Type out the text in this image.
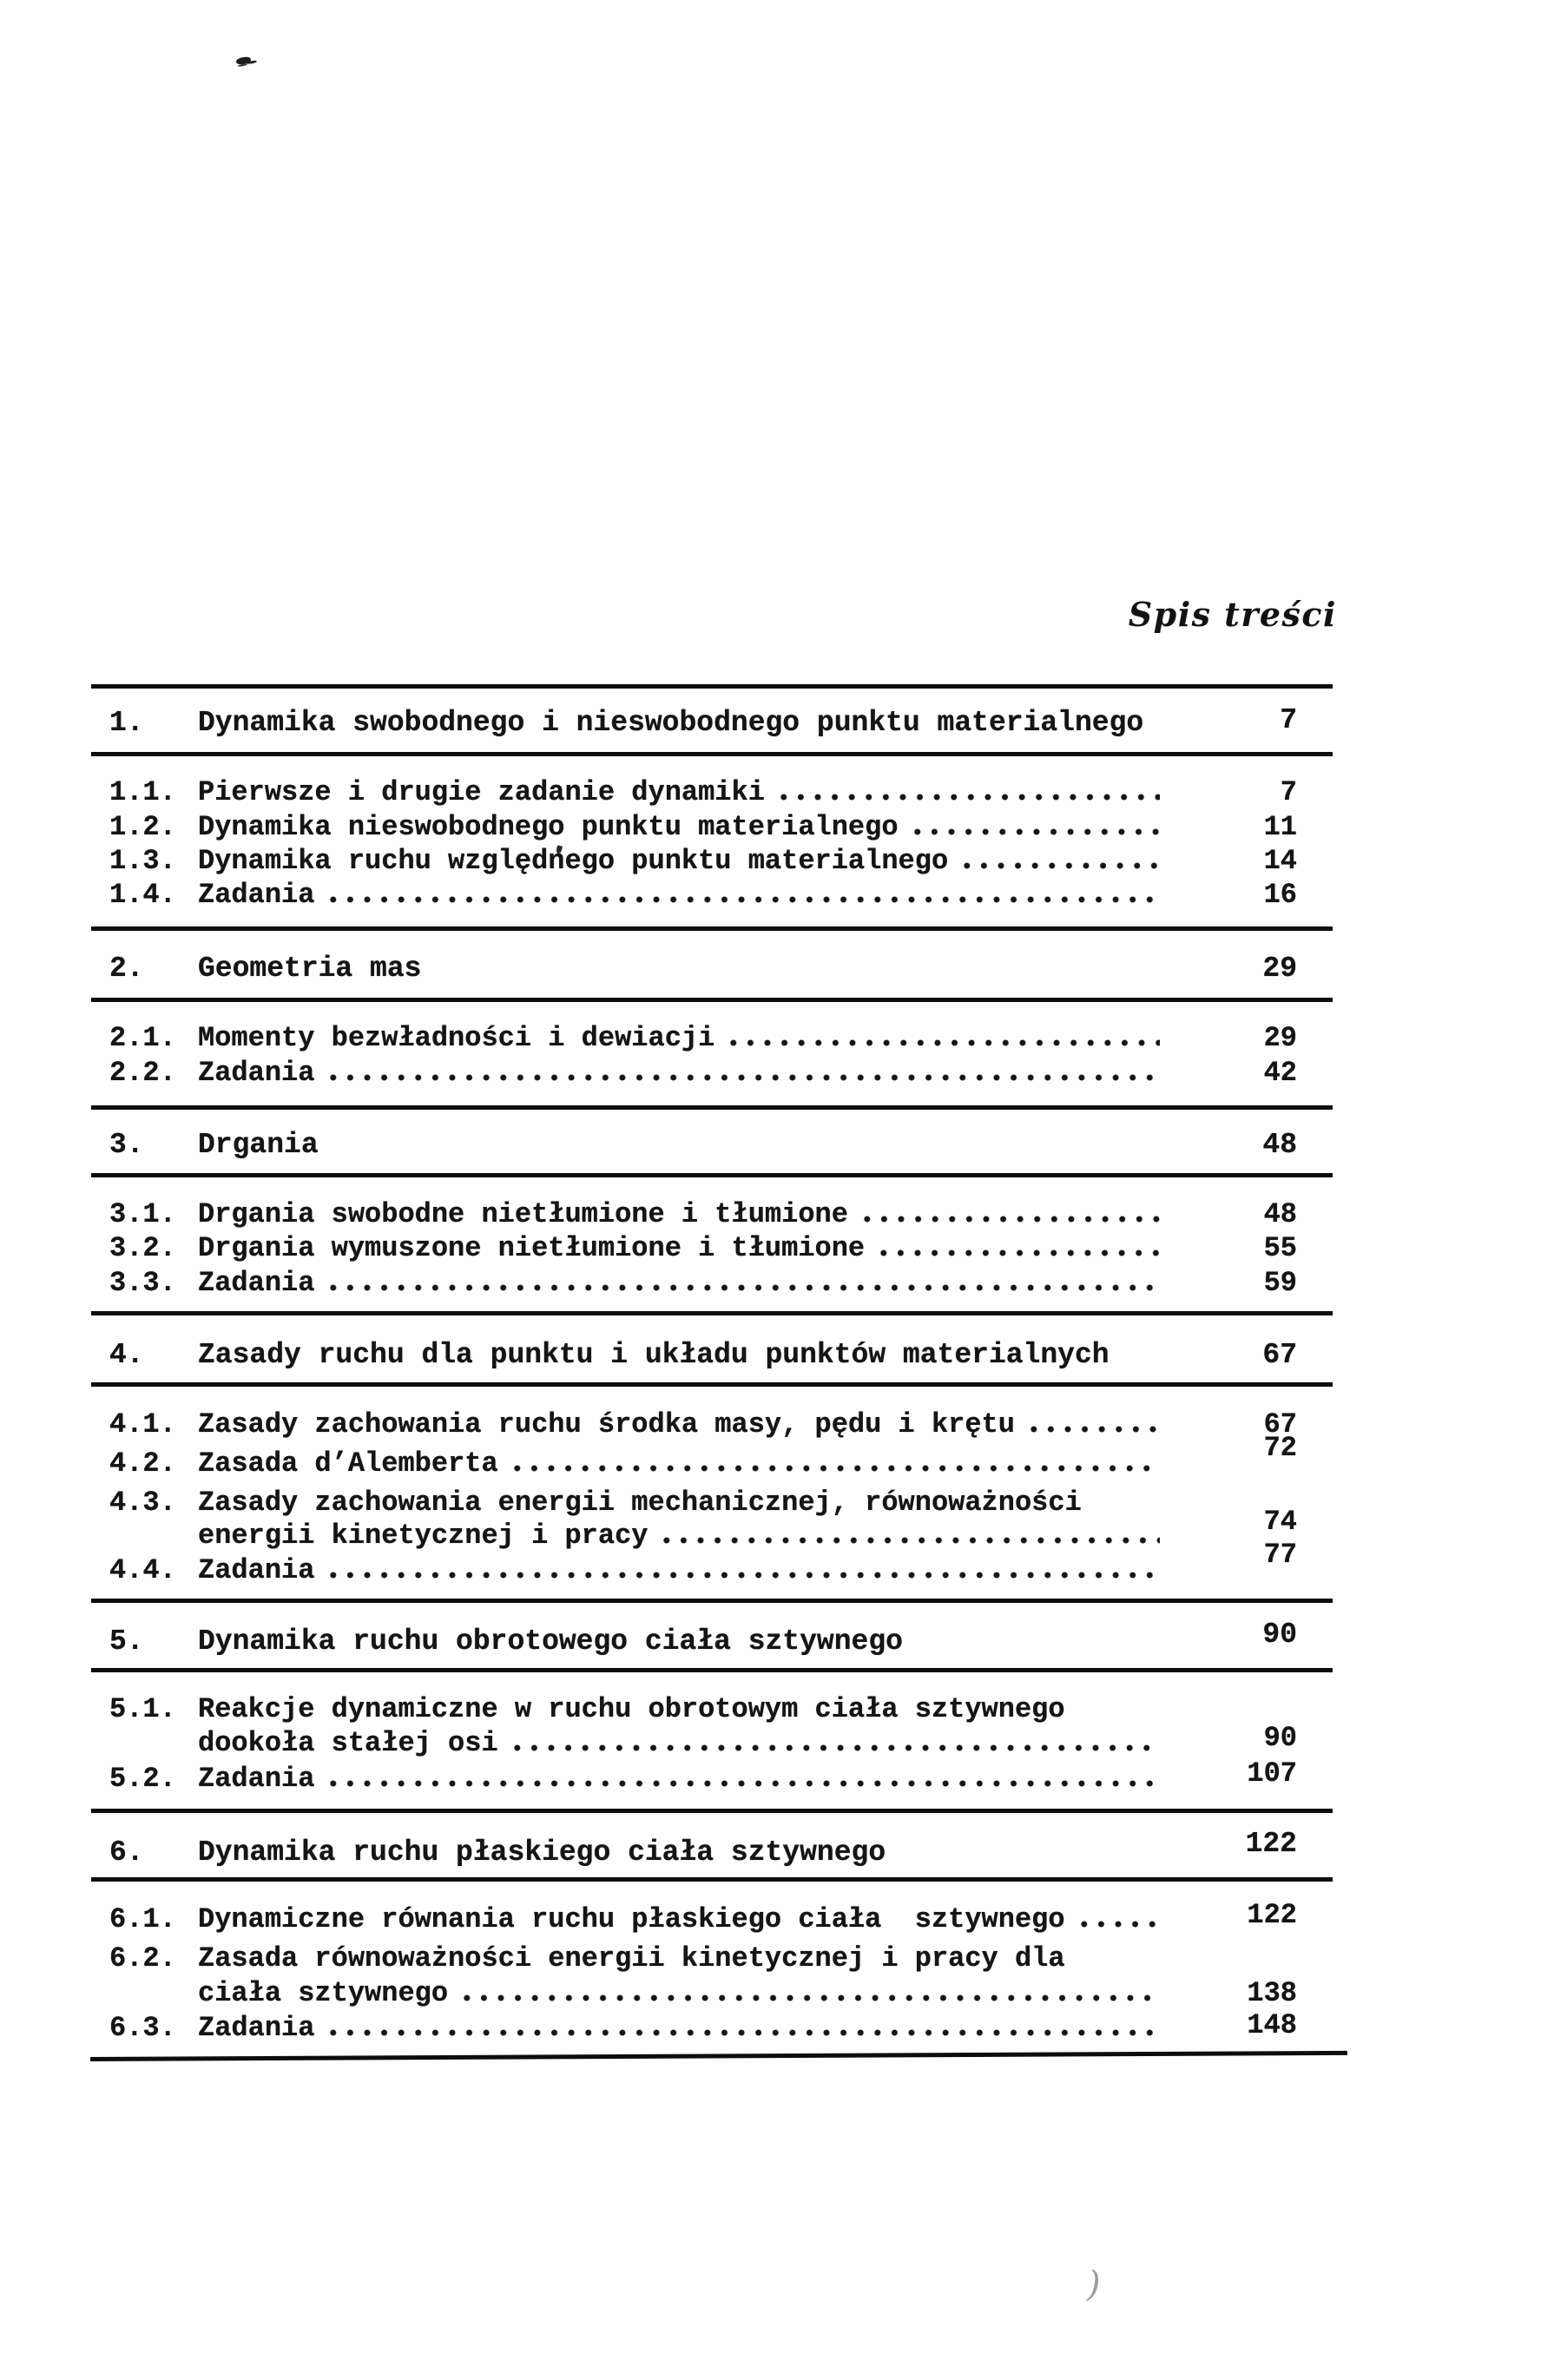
Spis treści
1.	Dynamika swobodnego i nieswobodnego punktu materialnego	7
1.1. Pierwsze i drugie zadanie dynamiki	7
1.2. Dynamika nieswobodnego punktu materialnego	11
1.3. Dynamika ruchu względnego punktu materialnego	14
1.4. Zadania	16
2.	Geometria mas	29
2.1. Momenty bezwładności i dewiacji	29
2.2. Zadania	42
3.	Drgania	48
3.1. Drgania swobodne nietłumione i tłumione	48
3.2. Drgania wymuszone nietłumione i tłumione	55
3.3. Zadania	59
4.	Zasady ruchu dla punktu i układu punktów materialnych	67
4.1. Zasady zachowania ruchu środka masy, pędu i krętu	67
4.2. Zasada d’Alemberta	72
4.3. Zasady zachowania energii mechanicznej, równoważności
energii kinetycznej i pracy	74
4.4. Zadania	77
5.	Dynamika ruchu obrotowego ciała sztywnego	90
5.1. Reakcje dynamiczne w ruchu obrotowym ciała sztywnego
dookoła stałej osi	90
5.2. Zadania	107
6.	Dynamika ruchu płaskiego ciała sztywnego	122
6.1. Dynamiczne równania ruchu płaskiego ciała  sztywnego	122
6.2. Zasada równoważności energii kinetycznej i pracy dla
ciała sztywnego	138
6.3. Zadania	148
)
